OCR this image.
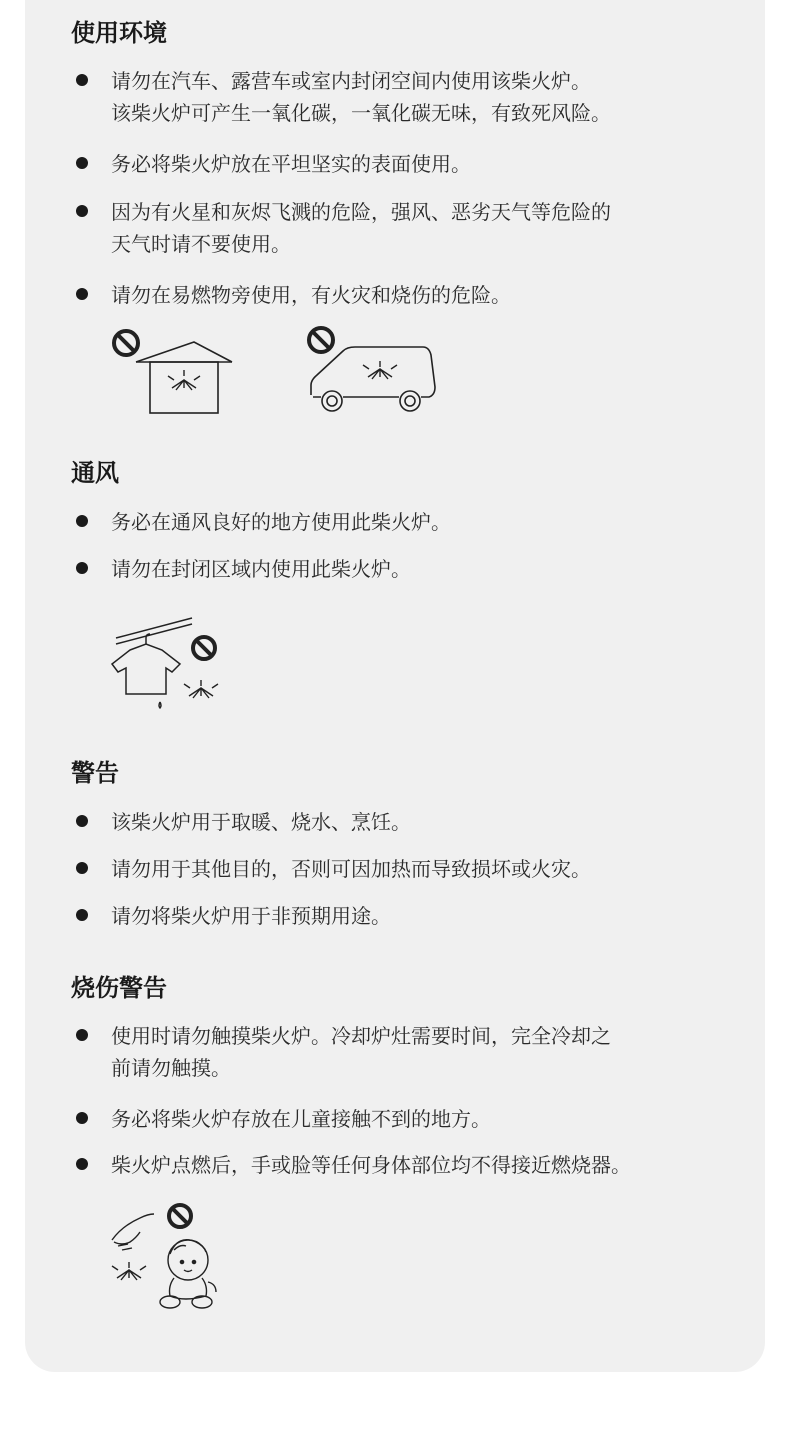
使用环境
请勿在汽车、露营车或室内封闭空间内使用该柴火炉。
该柴火炉可产生一氧化碳，一氧化碳无味，有致死风险。
务必将柴火炉放在平坦坚实的表面使用。
因为有火星和灰烬飞溅的危险，强风、恶劣天气等危险的
天气时请不要使用。
请勿在易燃物旁使用，有火灾和烧伤的危险。
通风
务必在通风良好的地方使用此柴火炉。
请勿在封闭区域内使用此柴火炉。
警告
该柴火炉用于取暖、烧水、烹饪。
请勿用于其他目的，否则可因加热而导致损坏或火灾。
请勿将柴火炉用于非预期用途。
烧伤警告
使用时请勿触摸柴火炉。冷却炉灶需要时间，完全冷却之
前请勿触摸。
务必将柴火炉存放在儿童接触不到的地方。
柴火炉点燃后，手或脸等任何身体部位均不得接近燃烧器。
